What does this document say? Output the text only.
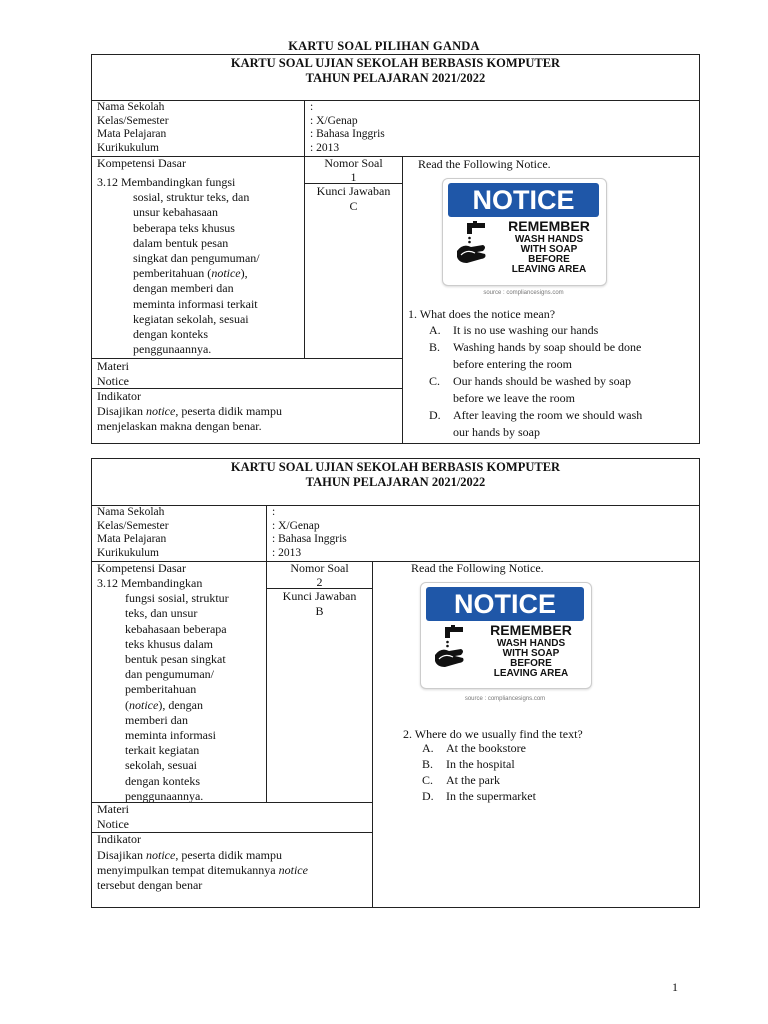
KARTU SOAL PILIHAN GANDA
KARTU SOAL UJIAN SEKOLAH BERBASIS KOMPUTER
TAHUN PELAJARAN 2021/2022
Nama Sekolah
Kelas/Semester
Mata Pelajaran
Kurikukulum
:
: X/Genap
: Bahasa Inggris
: 2013
Kompetensi Dasar
3.12 Membandingkan fungsi
sosial, struktur teks, dan
unsur kebahasaan
beberapa teks khusus
dalam bentuk pesan
singkat dan pengumuman/
pemberitahuan (notice),
dengan memberi dan
meminta informasi terkait
kegiatan sekolah, sesuai
dengan konteks
penggunaannya.
Nomor Soal
1
Kunci Jawaban
C
Materi
Notice
Indikator
Disajikan notice, peserta didik mampu
menjelaskan makna dengan benar.
Read the Following Notice.
NOTICE
REMEMBER
WASH HANDS
WITH SOAP
BEFORE
LEAVING AREA
source : compliancesigns.com
1. What does the notice mean?
A. It is no use washing our hands
B. Washing hands by soap should be done
before entering the room
C. Our hands should be washed by soap
before we leave the room
D. After leaving the room we should wash
our hands by soap
KARTU SOAL UJIAN SEKOLAH BERBASIS KOMPUTER
TAHUN PELAJARAN 2021/2022
Nama Sekolah
Kelas/Semester
Mata Pelajaran
Kurikukulum
:
: X/Genap
: Bahasa Inggris
: 2013
Kompetensi Dasar
3.12 Membandingkan
fungsi sosial, struktur
teks, dan unsur
kebahasaan beberapa
teks khusus dalam
bentuk pesan singkat
dan pengumuman/
pemberitahuan
(notice), dengan
memberi dan
meminta informasi
terkait kegiatan
sekolah, sesuai
dengan konteks
penggunaannya.
Nomor Soal
2
Kunci Jawaban
B
Materi
Notice
Indikator
Disajikan notice, peserta didik mampu
menyimpulkan tempat ditemukannya notice
tersebut dengan benar
Read the Following Notice.
NOTICE
REMEMBER
WASH HANDS
WITH SOAP
BEFORE
LEAVING AREA
source : compliancesigns.com
2. Where do we usually find the text?
A. At the bookstore
B. In the hospital
C. At the park
D. In the supermarket
1
